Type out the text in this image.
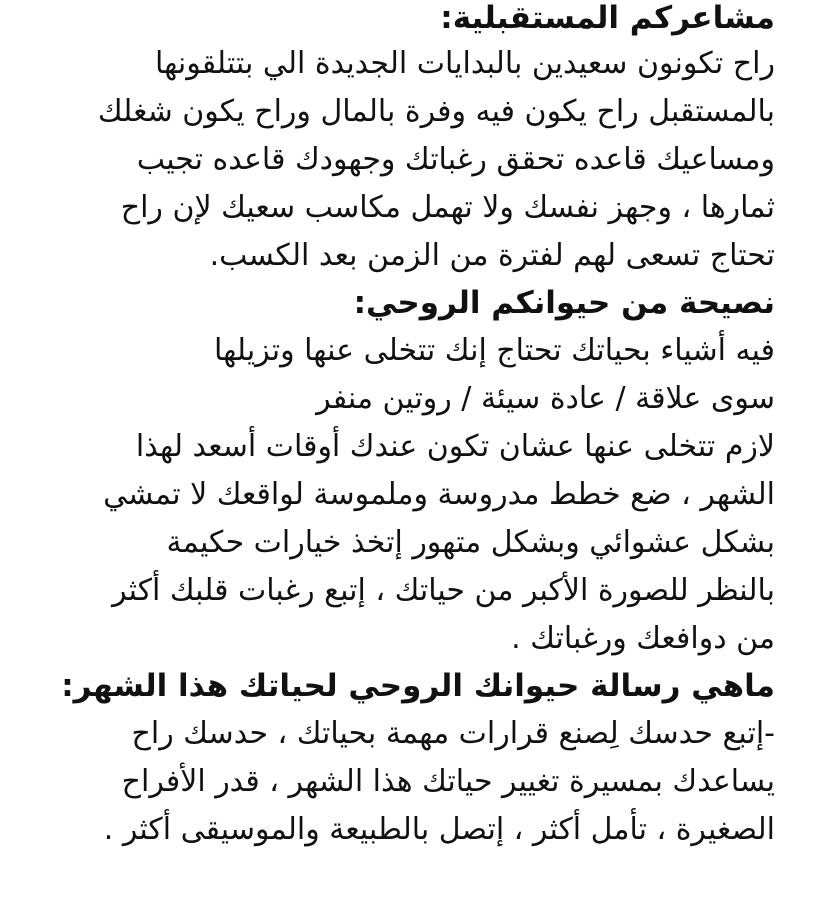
مشاعركم المستقبلية:

راح تكونون سعيدين بالبدايات الجديدة الي بتتلقونها

بالمستقبل راح يكون فيه وفرة بالمال وراح يكون شغلك

ومساعيك قاعده تحقق رغباتك وجهودك قاعده تجيب

ثمارها ، وجهز نفسك ولا تهمل مكاسب سعيك لإن راح

تحتاج تسعى لهم لفترة من الزمن بعد الكسب.

نصيحة من حيوانكم الروحي:

فيه أشياء بحياتك تحتاج إنك تتخلى عنها وتزيلها

سوى علاقة / عادة سيئة / روتين منفر

لازم تتخلى عنها عشان تكون عندك أوقات أسعد لهذا

الشهر ، ضع خطط مدروسة وملموسة لواقعك لا تمشي

بشكل عشوائي وبشكل متهور إتخذ خيارات حكيمة

بالنظر للصورة الأكبر من حياتك ، إتبع رغبات قلبك أكثر

من دوافعك ورغباتك .

ماهي رسالة حيوانك الروحي لحياتك هذا الشهر:

-إتبع حدسك لِصنع قرارات مهمة بحياتك ، حدسك راح

يساعدك بمسيرة تغيير حياتك هذا الشهر ، قدر الأفراح

الصغيرة ، تأمل أكثر ، إتصل بالطبيعة والموسيقى أكثر .
